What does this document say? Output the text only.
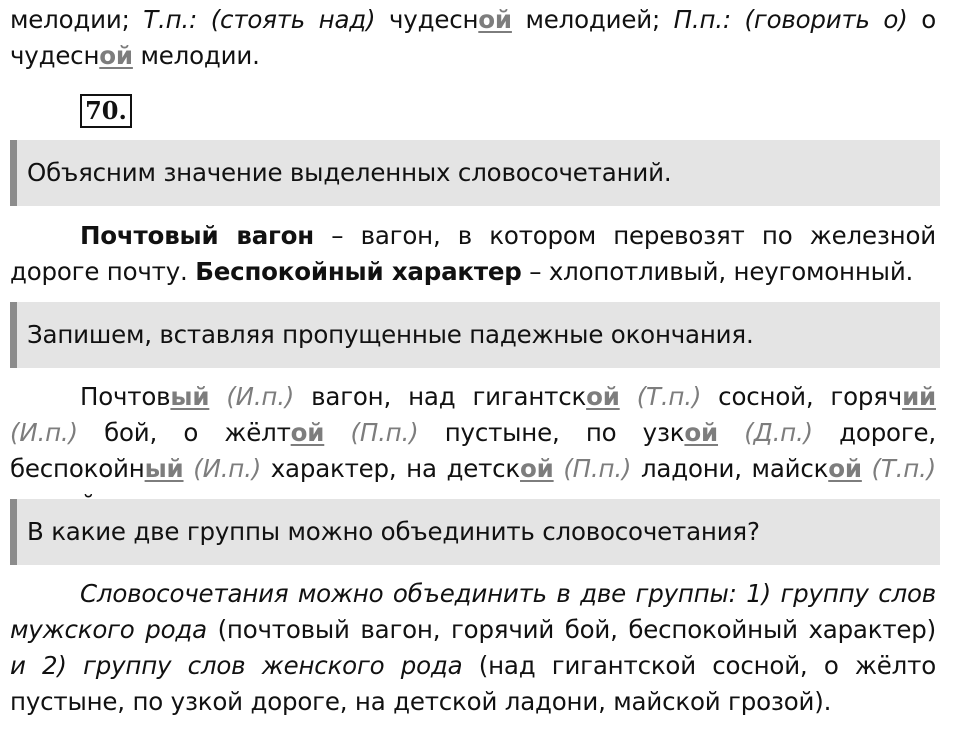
мелодии; Т.п.: (стоять над) чудесной мелодией; П.п.: (говорить о) о чудесной мелодии.
70.
Объясним значение выделенных словосочетаний.
Почтовый вагон – вагон, в котором перевозят по железной дороге почту. Беспокойный характер – хлопотливый, неугомонный.
Запишем, вставляя пропущенные падежные окончания.
Почтовый (И.п.) вагон, над гигантской (Т.п.) сосной, горячий (И.п.) бой, о жёлтой (П.п.) пустыне, по узкой (Д.п.) дороге, беспокойный (И.п.) характер, на детской (П.п.) ладони, майской (Т.п.)
В какие две группы можно объединить словосочетания?
Словосочетания можно объединить в две группы: 1) группу слов мужского рода (почтовый вагон, горячий бой, беспокойный характер) и 2) группу слов женского рода (над гигантской сосной, о жёлто пустыне, по узкой дороге, на детской ладони, майской грозой).
